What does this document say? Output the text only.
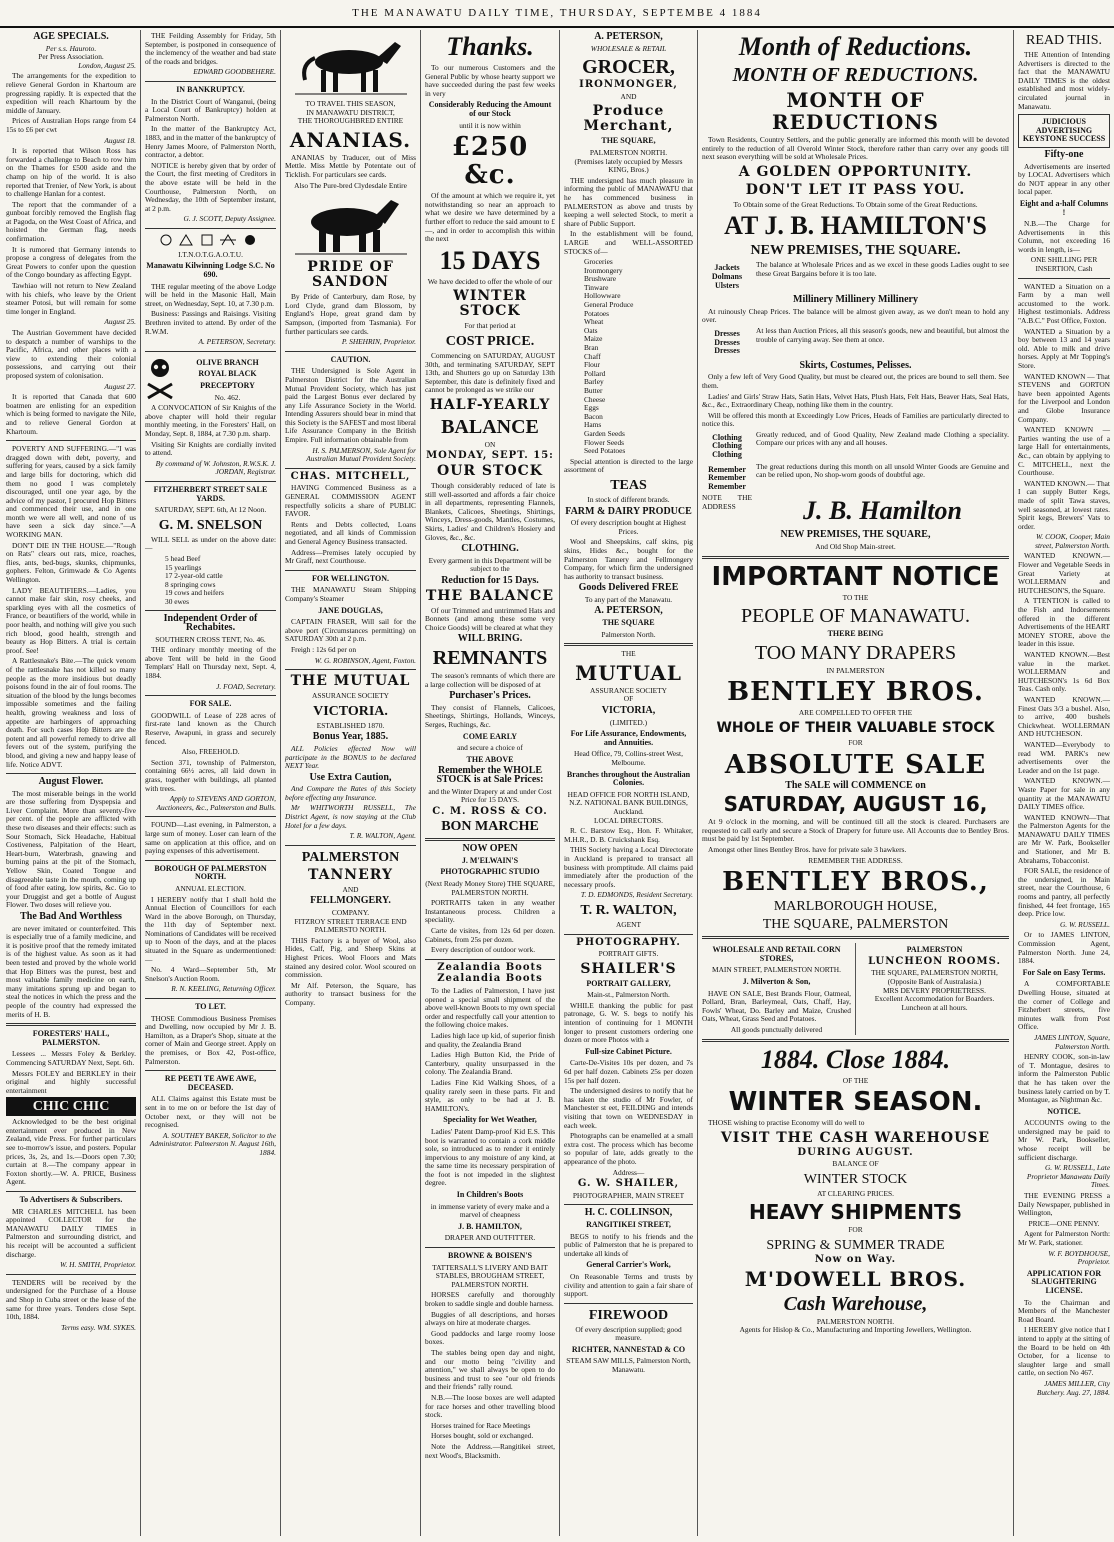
THE MANAWATU DAILY TIME, THURSDAY, SEPTEMBE 4 1884
AGE SPECIALS.
Per s.s. Hauroto.
Per Press Association.
London, August 25.

The arrangements for the expedition to relieve General Gordon in Khartoum are progressing rapidly. It is expected that the expedition will reach Khartoum by the middle of January.

Prices of Australian Hops range from £4 15s to £6 per cwt

August 18.

It is reported that Wilson Ross has forwarded a challenge to Beach to row him on the Thames for £500 aside and the champ on hip of the world. It is also reported that Trenier, of New York, is about to challenge Hanlan for a contest.

The report that the commander of a gunboat forcibly removed the English flag at Pagoda, on the West Coast of Africa, and hoisted the German flag, needs confirmation.

It is rumored that Germany intends to propose a congress of delegates from the Great Powers to confer upon the question of the Congo boundary as affecting Egypt.

Tawhiao will not return to New Zealand with his chiefs, who leave by the Orient steamer Potosi, but will remain for some time longer in England.

August 25.

The Austrian Government have decided to despatch a number of warships to the Pacific, Africa, and other places with a view to extending their colonial possessions, and carrying out their proposed system of colonisation.

August 27.

It is reported that Canada that 600 boatmen are enlisting for an expedition which is being formed to navigate the Nile, and to relieve General Gordon at Khartoum.

POVERTY AND SUFFERING.—"I was dragged down with debt, poverty, and suffering for years, caused by a sick family and large bills for doctoring, which did them no good I was completely discouraged, until one year ago, by the advice of my pastor, I procured Hop Bitters and commenced their use, and in one month we were all well, and none of us have seen a sick day since."—A WORKING MAN.

DON'T DIE IN THE HOUSE.—"Rough on Rats" clears out rats, mice, roaches, flies, ants, bed-bugs, skunks, chipmunks, gophers. Felton, Grimwade & Co Agents Wellington.

LADY BEAUTIFIERS.—Ladies, you cannot make fair skin, rosy cheeks, and sparkling eyes with all the cosmetics of France, or beautifiers of the world, while in poor health, and nothing will give you such rich blood, good health, strength and beauty as Hop Bitters. A trial is certain proof. See!

A Rattlesnake's Bite.—The quick venom of the rattlesnake has not killed so many people as the more insidious but deadly poisons found in the air of foul rooms. The situation of the blood by the lungs becomes impossible sometimes and the failing health, growing weakness and loss of appetite are harbingers of approaching death. For such cases Hop Bitters are the potent and all powerful remedy to drive all fevers out of the system, purifying the blood, and giving a new and happy lease of life. Notice ADVT.

August Flower.

The most miserable beings in the world are those suffering from Dyspepsia and Liver Complaint. More than seventy-five per cent. of the people are afflicted with these two diseases and their effects: such as Sour Stomach, Sick Headache, Habitual Costiveness, Palpitation of the Heart, Heart-burn, Waterbrash, gnawing and burning pains at the pit of the Stomach, Yellow Skin, Coated Tongue and disagreeable taste in the mouth, coming up of food after eating, low spirits, &c. Go to your Druggist and get a bottle of August Flower. Two doses will relieve you.

The Bad And Worthless

are never imitated or counterfeited. This is especially true of a family medicine, and it is positive proof that the remedy imitated is of the highest value. As soon as it had been tested and proved by the whole world that Hop Bitters was the purest, best and most valuable family medicine on earth, many imitations sprung up and began to steal the notices in which the press and the people of the country had expressed the merits of H. B.

FORESTERS' HALL, PALMERSTON.

Lessees ... Messrs Foley & Berkley. Commencing SATURDAY Next, Sept. 6th.

Messrs FOLEY and BERKLEY in their original and highly successful entertainment

CHIC CHIC

Acknowledged to be the best original entertainment ever produced in New Zealand, vide Press. For further particulars see to-morrow's issue, and posters. Popular prices, 3s, 2s, and 1s.—Doors open 7.30; curtain at 8.—The company appear in Foxton shortly.—W. A. PRICE, Business Agent.

To Advertisers & Subscribers.

MR CHARLES MITCHELL has been appointed COLLECTOR for the MANAWATU DAILY TIMES in Palmerston and surrounding district, and his receipt will be accounted a sufficient discharge.

W. H. SMITH, Proprietor.

TENDERS will be received by the undersigned for the Purchase of a House and Shop in Cuba street or the lease of the same for three years. Tenders close Sept. 10th, 1884.

Terms easy. WM. SYKES.

THE Feilding Assembly for Friday, 5th September, is postponed in consequence of the inclemency of the weather and bad state of the roads and bridges.

EDWARD GOODBEHERE.
IN BANKRUPTCY.

In the District Court of Wanganui, (being a Local Court of Bankruptcy) holden at Palmerston North.

In the matter of the Bankruptcy Act, 1883, and in the matter of the bankruptcy of Henry James Moore, of Palmerston North, contractor, a debtor.

NOTICE is hereby given that by order of the Court, the first meeting of Creditors in the above estate will be held in the Courthouse, Palmerston North, on Wednesday, the 10th of September instant, at 2 p.m.

G. J. SCOTT, Deputy Assignee.
I.T.N.O.T.G.A.O.T.U.
Manawatu Kilwinning Lodge S.C. No 690.

THE regular meeting of the above Lodge will be held in the Masonic Hall, Main street, on Wednesday, Sept. 10, at 7.30 p.m.

Business: Passings and Raisings. Visiting Brethren invited to attend. By order of the R.W.M.

A. PETERSON, Secretary.
OLIVE BRANCH
ROYAL BLACK
PRECEPTORY
No. 462.

A CONVOCATION of Sir Knights of the above chapter will hold their regular monthly meeting, in the Foresters' Hall, on Monday, Sept. 8, 1884, at 7.30 p.m. sharp.

Visiting Sir Knights are cordially invited to attend.

By command of W. Johnston, R.W.S.K. J. JORDAN, Registrar.
FITZHERBERT STREET SALE YARDS.
SATURDAY, SEPT. 6th, At 12 Noon.
G. M. SNELSON

WILL SELL as under on the above date:—

5 head Beef
15 yearlings
17 2-year-old cattle
8 springing cows
19 cows and heifers
30 ewes
Independent Order of Rechabites.
SOUTHERN CROSS TENT, No. 46.

THE ordinary monthly meeting of the above Tent will be held in the Good Templars' Hall on Thursday next, Sept. 4, 1884.

J. FOAD, Secretary.
FOR SALE.

GOODWILL of Lease of 228 acres of first-rate land known as the Church Reserve, Awapuni, in grass and securely fenced.

Also, FREEHOLD.

Section 371, township of Palmerston, containing 66½ acres, all laid down in grass, together with buildings, all planted with trees.

Apply to STEVENS AND GORTON, Auctioneers, &c., Palmerston and Bulls.

FOUND—Last evening, in Palmerston, a large sum of money. Loser can learn of the same on application at this office, and on paying expenses of this advertisement.

BOROUGH OF PALMERSTON NORTH.
ANNUAL ELECTION.

I HEREBY notify that I shall hold the Annual Election of Councillors for each Ward in the above Borough, on Thursday, the 11th day of September next. Nominations of Candidates will be received up to Noon of the days, and at the places situated in the Square as undermentioned:—

No. 4 Ward—September 5th, Mr Snelson's Auction Room.

R. N. KEELING, Returning Officer.
TO LET.

THOSE Commodious Business Premises and Dwelling, now occupied by Mr J. B. Hamilton, as a Draper's Shop, situate at the corner of Main and George street. Apply on the premises, or Box 42, Post-office, Palmerston.

RE PEETI TE AWE AWE, DECEASED.

ALL Claims against this Estate must be sent in to me on or before the 1st day of October next, or they will not be recognised.

A. SOUTHEY BAKER, Solicitor to the Administrator. Palmerston N. August 16th, 1884.
TO TRAVEL THIS SEASON,
IN MANAWATU DISTRICT,
THE THOROUGHBRED ENTIRE
ANANIAS.

ANANIAS by Traducer, out of Miss Mettle. Miss Mettle by Potentate out of Ticklish. For particulars see cards.

Also The Pure-bred Clydesdale Entire
PRIDE OF SANDON

By Pride of Canterbury, dam Rose, by Lord Clyde, grand dam Blossom, by England's Hope, great grand dam by Sampson, (imported from Tasmania). For further particulars see cards.

P. SHEHRIN, Proprietor.
CAUTION.

THE Undersigned is Sole Agent in Palmerston District for the Australian Mutual Provident Society, which has just paid the Largest Bonus ever declared by any Life Assurance Society in the World. Intending Assurers should bear in mind that this Society is the SAFEST and most liberal Life Assurance Company in the British Empire. Full information obtainable from

H. S. PALMERSON, Sole Agent for Australian Mutual Provident Society.
CHAS. MITCHELL,

HAVING Commenced Business as a GENERAL COMMISSION AGENT respectfully solicits a share of PUBLIC FAVOR.

Rents and Debts collected, Loans negotiated, and all kinds of Commission and General Agency Business transacted.

Address—Premises lately occupied by Mr Graff, next Courthouse.

FOR WELLINGTON.

THE MANAWATU Steam Shipping Company's Steamer

JANE DOUGLAS,

CAPTAIN FRASER, Will sail for the above port (Circumstances permitting) on SATURDAY 30th at 2 p.m.

Freigh : 12s 6d per on

W. G. ROBINSON, Agent, Foxton.
THE MUTUAL
ASSURANCE SOCIETY
VICTORIA.
ESTABLISHED 1870.
Bonus Year, 1885.

ALL Policies effected Now will participate in the BONUS to be declared NEXT Year.

Use Extra Caution,

And Compare the Rates of this Society before effecting any Insurance.

Mr WHITWORTH RUSSELL, The District Agent, is now staying at the Club Hotel for a few days.

T. R. WALTON, Agent.
PALMERSTON
TANNERY
AND
FELLMONGERY.
COMPANY.
FITZROY STREET TERRACE END PALMERSTO NORTH.

THIS Factory is a buyer of Wool, also Hides, Calf, Pig, and Sheep Skins at Highest Prices. Wool Floors and Mats stained any desired color. Wool scoured on commission.

Mr Alf. Peterson, the Square, has authority to transact business for the Company.

Thanks.

To our numerous Customers and the General Public by whose hearty support we have succeeded during the past few weeks in very

Considerably Reducing the Amount of our Stock
until it is now within
£250 &c.

Of the amount at which we require it, yet notwithstanding so near an approach to what we desire we have determined by a further effort to reduce the said amount to £—, and in order to accomplish this within the next

15 DAYS
We have decided to offer the whole of our
WINTER STOCK
For that period at
COST PRICE.

Commencing on SATURDAY, AUGUST 30th, and terminating SATURDAY, SEPT 13th, and Shutters go up on Saturday 13th September, this date is definitely fixed and cannot be prolonged as we strike our

HALF-YEARLY
BALANCE
ON
MONDAY, SEPT. 15:
OUR STOCK

Though considerably reduced of late is still well-assorted and affords a fair choice in all departments, representing Flannels, Blankets, Calicoes, Sheetings, Shirtings, Winceys, Dress-goods, Mantles, Costumes, Skirts, Ladies' and Children's Hosiery and Gloves, &c., &c.

CLOTHING.
Every garment in this Department will be subject to the
Reduction for 15 Days.
THE BALANCE

Of our Trimmed and untrimmed Hats and Bonnets (and among these some very Choice Goods) will be cleared at what they

WILL BRING.
REMNANTS

The season's remnants of which there are a large collection will be disposed of at

Purchaser's Prices.

They consist of Flannels, Calicoes, Sheetings, Shirtings, Hollands, Winceys, Serges, Ruchings, &c.

COME EARLY
and secure a choice of
THE ABOVE
Remember the WHOLE STOCK is at Sale Prices:
and the Winter Drapery at and under Cost Price for 15 DAYS.
C. M. ROSS & CO.
BON MARCHE
NOW OPEN
J. M'ELWAIN'S
PHOTOGRAPHIC STUDIO
(Next Ready Money Store) THE SQUARE, PALMERSTON NORTH.

PORTRAITS taken in any weather Instantaneous process. Children a speciality.

Carte de visites, from 12s 6d per dozen. Cabinets, from 25s per dozen.

Every description of outdoor work.

Zealandia Boots
Zealandia Boots

To the Ladies of Palmerston, I have just opened a special small shipment of the above well-known Boots to my own special order and respectfully call your attention to the following choice makes.

Ladies high lace up kid, of superior finish and quality, the Zealandia Brand

Ladies High Button Kid, the Pride of Canterbury, quality unsurpassed in the colony. The Zealandia Brand.

Ladies Fine Kid Walking Shoes, of a quality rarely seen in these parts. Fit and style, as only to be had at J. B. HAMILTON's.

Speciality for Wet Weather,

Ladies' Patent Damp-proof Kid E.S. This boot is warranted to contain a cork middle sole, so introduced as to render it entirely impervious to any moisture of any kind, at the same time its necessary perspiration of the foot is not impeded in the slightest degree.

In Children's Boots
in immense variety of every make and a marvel of cheapness
J. B. HAMILTON,
DRAPER AND OUTFITTER.
BROWNE & BOISEN'S
TATTERSALL'S LIVERY AND BAIT STABLES, BROUGHAM STREET, PALMERSTON NORTH.

HORSES carefully and thoroughly broken to saddle single and double harness.

Buggies of all descriptions, and horses always on hire at moderate charges.

Good paddocks and large roomy loose boxes.

The stables being open day and night, and our motto being "civility and attention," we shall always be open to do business and trust to see "our old friends and their friends" rally round.

N.B.—The loose boxes are well adapted for race horses and other travelling blood stock.

Horses trained for Race Meetings

Horses bought, sold or exchanged.

Note the Address.—Rangitikei street, next Wood's, Blacksmith.

A. PETERSON,
WHOLESALE & RETAIL
GROCER,
IRONMONGER,
AND
Produce Merchant,
THE SQUARE,
PALMERSTON NORTH.
(Premises lately occupied by Messrs KING, Bros.)

THE undersigned has much pleasure in informing the public of MANAWATU that he has commenced business in PALMERSTON as above and trusts by keeping a well selected Stock, to merit a share of Public Support.

In the establishment will be found, LARGE and WELL-ASSORTED STOCKS of—

Groceries
Ironmongery
Brushware
Tinware
Hollowware
General Produce
Potatoes
Wheat
Oats
Maize
Bran
Chaff
Flour
Pollard
Barley
Butter
Cheese
Eggs
Bacon
Hams
Garden Seeds
Flower Seeds
Seed Potatoes

Special attention is directed to the large assortment of

TEAS
In stock of different brands.
FARM & DAIRY PRODUCE
Of every description bought at Highest Prices.

Wool and Sheepskins, calf skins, pig skins, Hides &c., bought for the Palmerston Tannery and Fellmongery Company, for which firm the undersigned has authority to transact business.

Goods Delivered FREE
To any part of the Manawatu.
A. PETERSON,
THE SQUARE
Palmerston North.
THE
MUTUAL
ASSURANCE SOCIETY
OF
VICTORIA,
(LIMITED.)
For Life Assurance, Endowments, and Annuities.
Head Office, 79, Collins-street West, Melbourne.
Branches throughout the Australian Colonies.
HEAD OFFICE FOR NORTH ISLAND, N.Z. NATIONAL BANK BUILDINGS, Auckland.
LOCAL DIRECTORS.

R. C. Barstow Esq., Hon. F. Whitaker, M.H.R., D. B. Cruickshank Esq.

THIS Society having a Local Directorate in Auckland is prepared to transact all business with promptitude. All claims paid immediately after the production of the necessary proofs.

T. D. EDMONDS, Resident Secretary.
T. R. WALTON,
AGENT
PHOTOGRAPHY.
PORTRAIT GIFTS.
SHAILER'S
PORTRAIT GALLERY,
Main-st., Palmerston North.

WHILE thanking the public for past patronage, G. W. S. begs to notify his intention of continuing for 1 MONTH longer to present customers ordering one dozen or more Photos with a

Full-size Cabinet Picture.

Carte-De-Visites 10s per dozen, and 7s 6d per half dozen. Cabinets 25s per dozen 15s per half dozen.

The undersigned desires to notify that he has taken the studio of Mr Fowler, of Manchester st eet, FEILDING and intends visiting that town on WEDNESDAY in each week.

Photographs can be enamelled at a small extra cost. The process which has become so popular of late, adds greatly to the appearance of the photo.

Address—
G. W. SHAILER,
PHOTOGRAPHER, MAIN STREET
H. C. COLLINSON,
RANGITIKEI STREET,

BEGS to notify to his friends and the public of Palmerston that he is prepared to undertake all kinds of

General Carrier's Work,

On Reasonable Terms and trusts by civility and attention to gain a fair share of support.

FIREWOOD
Of every description supplied; good measure.
RICHTER, NANNESTAD & CO
STEAM SAW MILLS, Palmerston North, Manawatu.
Month of Reductions.
MONTH OF REDUCTIONS.
MONTH OF REDUCTIONS

Town Residents, Country Settlers, and the public generally are informed this month will be devoted entirely to the reduction of all Overold Winter Stock, therefore rather than carry over any goods till next season everything will be sold at Wholesale Prices.

A GOLDEN OPPORTUNITY.
DON'T LET IT PASS YOU.
To Obtain some of the Great Reductions. To Obtain some of the Great Reductions.
AT J. B. HAMILTON'S
NEW PREMISES, THE SQUARE.
Jackets Dolmans Ulsters
The balance at Wholesale Prices and as we excel in these goods Ladies ought to see these Great Bargains before it is too late.
Millinery Millinery Millinery

At ruinously Cheap Prices. The balance will be almost given away, as we don't mean to hold any over.

Dresses Dresses Dresses
At less than Auction Prices, all this season's goods, new and beautiful, but almost the trouble of carrying away. See them at once.
Skirts, Costumes, Pelisses.

Only a few left of Very Good Quality, but must be cleared out, the prices are bound to sell them. See them.

Ladies' and Girls' Straw Hats, Satin Hats, Velvet Hats, Plush Hats, Felt Hats, Beaver Hats, Seal Hats, &c., &c., Extraordinary Cheap, nothing like them in the country.

Will be offered this month at Exceedingly Low Prices, Heads of Families are particularly directed to notice this.

Clothing Clothing Clothing
Greatly reduced, and of Good Quality, New Zealand made Clothing a speciality. Compare our prices with any and all houses.
Remember Remember Remember
The great reductions during this month on all unsold Winter Goods are Genuine and can be relied upon, No shop-worn goods of doubtful age.
NOTE THE ADDRESS	J. B. Hamilton
NEW PREMISES, THE SQUARE,
And Old Shop Main-street.
IMPORTANT NOTICE
TO THE
PEOPLE OF MANAWATU.
THERE BEING
TOO MANY DRAPERS
IN PALMERSTON
BENTLEY BROS.
ARE COMPELLED TO OFFER THE
WHOLE OF THEIR VALUABLE STOCK
FOR
ABSOLUTE SALE
The SALE will COMMENCE on
SATURDAY, AUGUST 16,

At 9 o'clock in the morning, and will be continued till all the stock is cleared. Purchasers are requested to call early and secure a Stock of Drapery for future use. All Accounts due to Bentley Bros. must be paid by 1st September.

Amongst other lines Bentley Bros. have for private sale 3 hawkers.

REMEMBER THE ADDRESS.
BENTLEY BROS.,
MARLBOROUGH HOUSE,
THE SQUARE, PALMERSTON
WHOLESALE AND RETAIL CORN STORES,
MAIN STREET, PALMERSTON NORTH.
J. Milverton & Son,

HAVE ON SALE, Best Brands Flour, Oatmeal, Pollard, Bran, Barleymeal, Oats, Chaff, Hay, Fowls' Wheat, Do. Barley and Maize, Crushed Oats, Wheat, Grass Seed and Potatoes.

All goods punctually delivered
PALMERSTON
LUNCHEON ROOMS.
THE SQUARE, PALMERSTON NORTH, (Opposite Bank of Australasia.)
MRS DEVERY PROPRIETRESS.
Excellent Accommodation for Boarders.
Luncheon at all hours.
1884. Close 1884.
OF THE
WINTER SEASON.

THOSE wishing to practise Economy will do well to

VISIT THE CASH WAREHOUSE
DURING AUGUST.
BALANCE OF
WINTER STOCK
AT CLEARING PRICES.
HEAVY SHIPMENTS
FOR
SPRING & SUMMER TRADE
Now on Way.
M'DOWELL BROS.
Cash Warehouse,
PALMERSTON NORTH.
Agents for Hislop & Co., Manufacturing and Importing Jewellers, Wellington.
READ THIS.

THE Attention of Intending Advertisers is directed to the fact that the MANAWATU DAILY TIMES is the oldest established and most widely-circulated journal in Manawatu.

JUDICIOUS ADVERTISING KEYSTONE SUCCESS
Fifty-one

Advertisements are inserted by LOCAL Advertisers which do NOT appear in any other local paper.

Eight and a-half Columns !

N.B.—The Charge for Advertisements in this Column, not exceeding 16 words in length, is—

ONE SHILLING PER INSERTION, Cash

WANTED a Situation on a Farm by a man well accustomed to the work. Highest testimonials. Address "A.B.C." Post Office, Foxton.

WANTED a Situation by a boy between 13 and 14 years old. Able to milk and drive horses. Apply at Mr Topping's Store.

WANTED KNOWN — That STEVENS and GORTON have been appointed Agents for the Liverpool and London and Globe Insurance Company.

WANTED KNOWN — Parties wanting the use of a large Hall for entertainments, &c., can obtain by applying to C. MITCHELL, next the Courthouse.

WANTED KNOWN.— That I can supply Butter Kegs, made of split Tawa staves, well seasoned, at lowest rates. Spirit kegs, Brewers' Vats to order.

W. COOK, Cooper, Main street, Palmerston North.

WANTED KNOWN.—Flower and Vegetable Seeds in Great Variety at WOLLERMAN and HUTCHESON'S, the Square.

A TTENTION is called to the Fish and Indorsements offered in the different Advertisements of the HEART MONEY STORE, above the leader in this issue.

WANTED KNOWN.—Best value in the market. WOLLERMAN and HUTCHESON's 1s 6d Box Teas. Cash only.

WANTED KNOWN.—Finest Oats 3/3 a bushel. Also, to arrive, 400 bushels Chickwheat. WOLLERMAN AND HUTCHESON.

WANTED—Everybody to read WM. PARK's new advertisements over the Leader and on the 1st page.

WANTED KNOWN.—Waste Paper for sale in any quantity at the MANAWATU DAILY TIMES office.

WANTED KNOWN—That the Palmerston Agents for the MANAWATU DAILY TIMES are Mr W. Park, Bookseller and Stationer, and Mr B. Abrahams, Tobacconist.

FOR SALE, the residence of the undersigned, in Main street, near the Courthouse, 6 rooms and pantry, all perfectly finished, 44 feet frontage, 165 deep. Price low.

G. W. RUSSELL.

Or to JAMES LINTON, Commission Agent, Palmerston North. June 24, 1884.

For Sale on Easy Terms.

A COMFORTABLE Dwelling House, situated at the corner of College and Fitzherbert streets, five minutes walk from Post Office.

JAMES LINTON, Square, Palmerston North.

HENRY COOK, son-in-law of T. Montague, desires to inform the Palmerston Public that he has taken over the business lately carried on by T. Montague, as Nightman &c.

NOTICE.

ACCOUNTS owing to the undersigned may be paid to Mr W. Park, Bookseller, whose receipt will be sufficient discharge.

G. W. RUSSELL, Late Proprietor Manawatu Daily Times.

THE EVENING PRESS a Daily Newspaper, published in Wellington,

PRICE—ONE PENNY.

Agent for Palmerston North: Mr W. Park, stationer.

W. F. BOYDHOUSE, Proprietor.
APPLICATION FOR SLAUGHTERING LICENSE.

To the Chairman and Members of the Manchester Road Board.

I HEREBY give notice that I intend to apply at the sitting of the Board to be held on 4th October, for a license to slaughter large and small cattle, on section No 467.

JAMES MILLER, City Butchery. Aug. 27, 1884.
